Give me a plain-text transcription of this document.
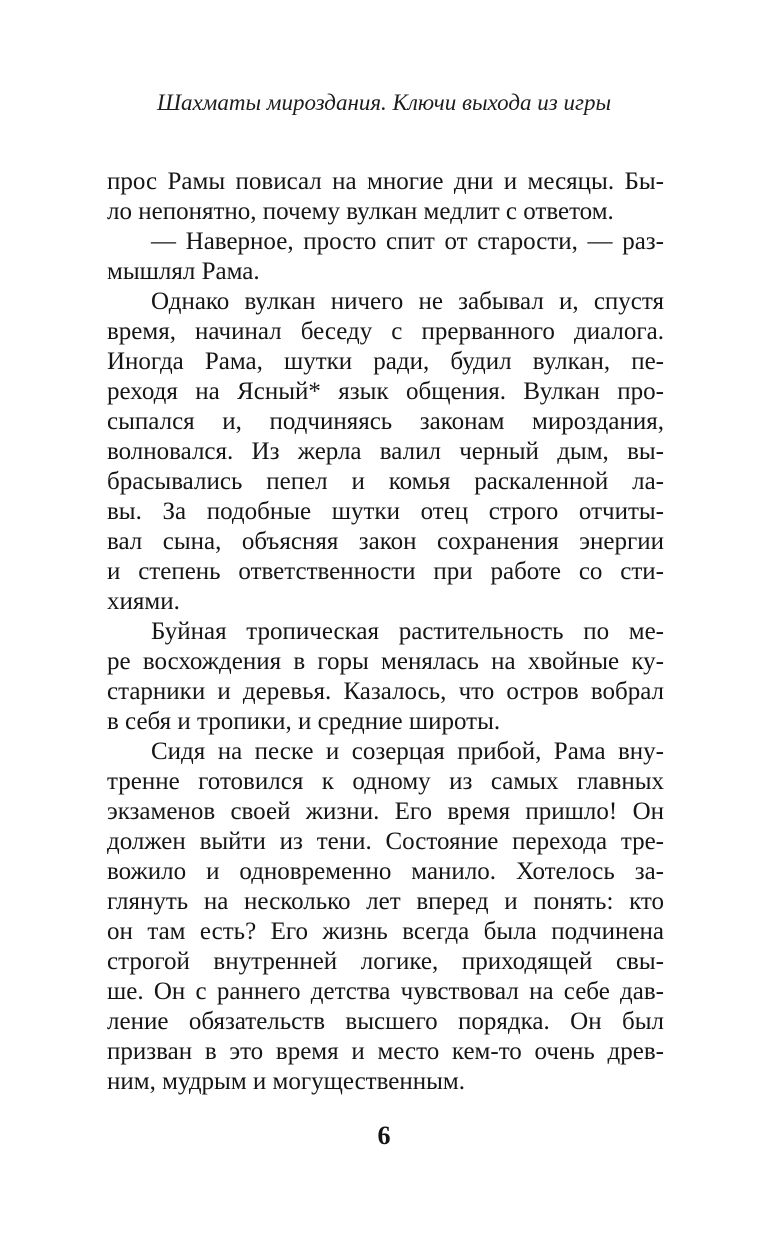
Шахматы мироздания. Ключи выхода из игры
прос Рамы повисал на многие дни и месяцы. Бы-
ло непонятно, почему вулкан медлит с ответом.
— Наверное, просто спит от старости, — раз-
мышлял Рама.
Однако вулкан ничего не забывал и, спустя
время, начинал беседу с прерванного диалога.
Иногда Рама, шутки ради, будил вулкан, пе-
реходя на Ясный* язык общения. Вулкан про-
сыпался и, подчиняясь законам мироздания,
волновался. Из жерла валил черный дым, вы-
брасывались пепел и комья раскаленной ла-
вы. За подобные шутки отец строго отчиты-
вал сына, объясняя закон сохранения энергии
и степень ответственности при работе со сти-
хиями.
Буйная тропическая растительность по ме-
ре восхождения в горы менялась на хвойные ку-
старники и деревья. Казалось, что остров вобрал
в себя и тропики, и средние широты.
Сидя на песке и созерцая прибой, Рама вну-
тренне готовился к одному из самых главных
экзаменов своей жизни. Его время пришло! Он
должен выйти из тени. Состояние перехода тре-
вожило и одновременно манило. Хотелось за-
глянуть на несколько лет вперед и понять: кто
он там есть? Его жизнь всегда была подчинена
строгой внутренней логике, приходящей свы-
ше. Он с раннего детства чувствовал на себе дав-
ление обязательств высшего порядка. Он был
призван в это время и место кем-то очень древ-
ним, мудрым и могущественным.
6
